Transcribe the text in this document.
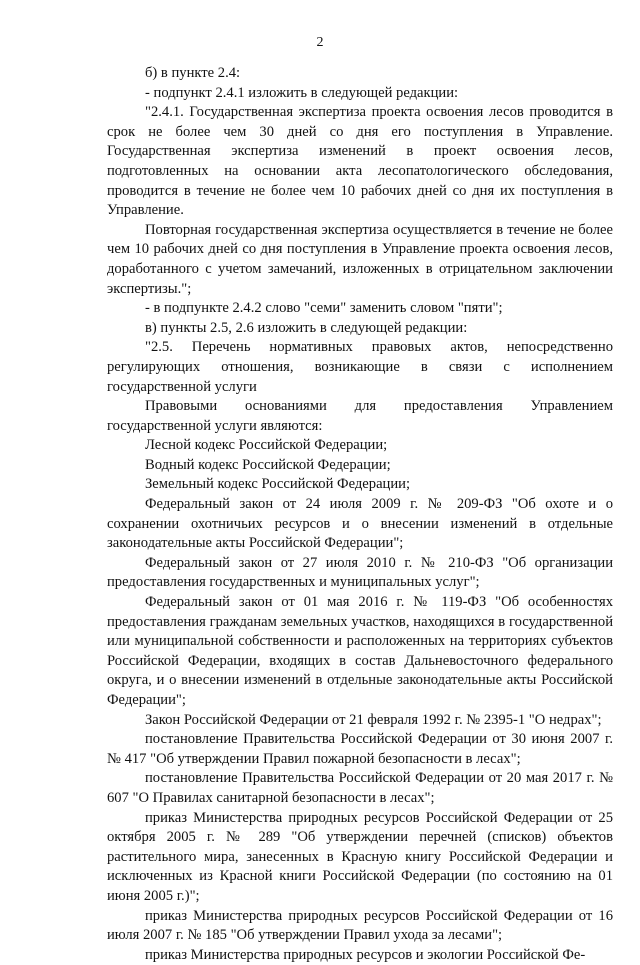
2

б) в пункте 2.4:

- подпункт 2.4.1 изложить в следующей редакции:

"2.4.1. Государственная экспертиза проекта освоения лесов проводится в срок не более чем 30 дней со дня его поступления в Управление. Государственная экспертиза изменений в проект освоения лесов, подготовленных на основании акта лесопатологического обследования, проводится в течение не более чем 10 рабочих дней со дня их поступления в Управление.

Повторная государственная экспертиза осуществляется в течение не более чем 10 рабочих дней со дня поступления в Управление проекта освоения лесов, доработанного с учетом замечаний, изложенных в отрицательном заключении экспертизы.";

- в подпункте 2.4.2 слово "семи" заменить словом "пяти";

в) пункты 2.5, 2.6 изложить в следующей редакции:

"2.5. Перечень нормативных правовых актов, непосредственно регулирующих отношения, возникающие в связи с исполнением государственной услуги

Правовыми основаниями для предоставления Управлением государственной услуги являются:

Лесной кодекс Российской Федерации;

Водный кодекс Российской Федерации;

Земельный кодекс Российской Федерации;

Федеральный закон от 24 июля 2009 г. № 209-ФЗ "Об охоте и о сохранении охотничьих ресурсов и о внесении изменений в отдельные законодательные акты Российской Федерации";

Федеральный закон от 27 июля 2010 г. № 210-ФЗ "Об организации предоставления государственных и муниципальных услуг";

Федеральный закон от 01 мая 2016 г. № 119-ФЗ "Об особенностях предоставления гражданам земельных участков, находящихся в государственной или муниципальной собственности и расположенных на территориях субъектов Российской Федерации, входящих в состав Дальневосточного федерального округа, и о внесении изменений в отдельные законодательные акты Российской Федерации";

Закон Российской Федерации от 21 февраля 1992 г. № 2395-1 "О недрах";

постановление Правительства Российской Федерации от 30 июня 2007 г. № 417 "Об утверждении Правил пожарной безопасности в лесах";

постановление Правительства Российской Федерации от 20 мая 2017 г. № 607 "О Правилах санитарной безопасности в лесах";

приказ Министерства природных ресурсов Российской Федерации от 25 октября 2005 г. № 289 "Об утверждении перечней (списков) объектов растительного мира, занесенных в Красную книгу Российской Федерации и исключенных из Красной книги Российской Федерации (по состоянию на 01 июня 2005 г.)";

приказ Министерства природных ресурсов Российской Федерации от 16 июля 2007 г. № 185 "Об утверждении Правил ухода за лесами";

приказ Министерства природных ресурсов и экологии Российской Фе-
